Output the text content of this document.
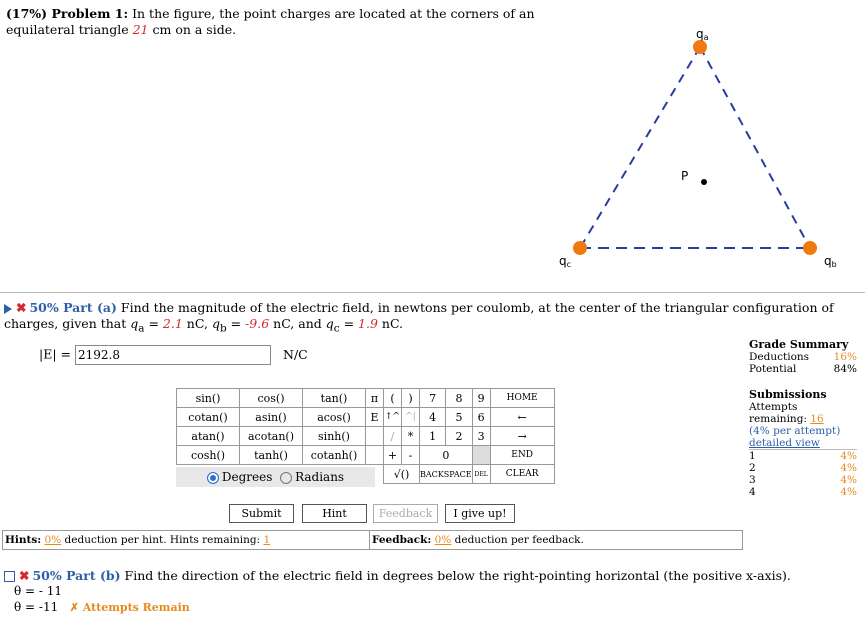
(17%) Problem 1: In the figure, the point charges are located at the corners of an equilateral triangle 21 cm on a side.	qa
qb
qc
P
✖ 50% Part (a) Find the magnitude of the electric field, in newtons per coulomb, at the center of the triangular configuration of charges, given that $q_a = 2.1$ nC, $q_b = -9.6$ nC, and $q_c = 1.9$ nC.
|E| =2192.8	N/C
sin()	cos()	tan()	π	(	)	7	8	9	HOME
cotan()	asin()	acos()	E	↑^	^|	4	5	6	←
atan()	acotan()	sinh()		/	*	1	2	3	→
cosh()	tanh()	cotanh()		+	-	0			END
				√()		BACKSPACE		DEL	CLEAR
Degrees Radians
Submit	Hint	Feedback	I give up!
Grade Summary
Deductions 16%
Potential	84%
Submissions
Attempts remaining: 16
(4% per attempt)
detailed view
1	4%
2	4%
3	4%
4	4%
Hints: 0% deduction per hint. Hints remaining: 1	Feedback: 0% deduction per feedback.
✖ 50% Part (b) Find the direction of the electric field in degrees below the right-pointing horizontal (the positive x-axis).
θ = - 11
θ = -11 ✗ Attempts Remain
